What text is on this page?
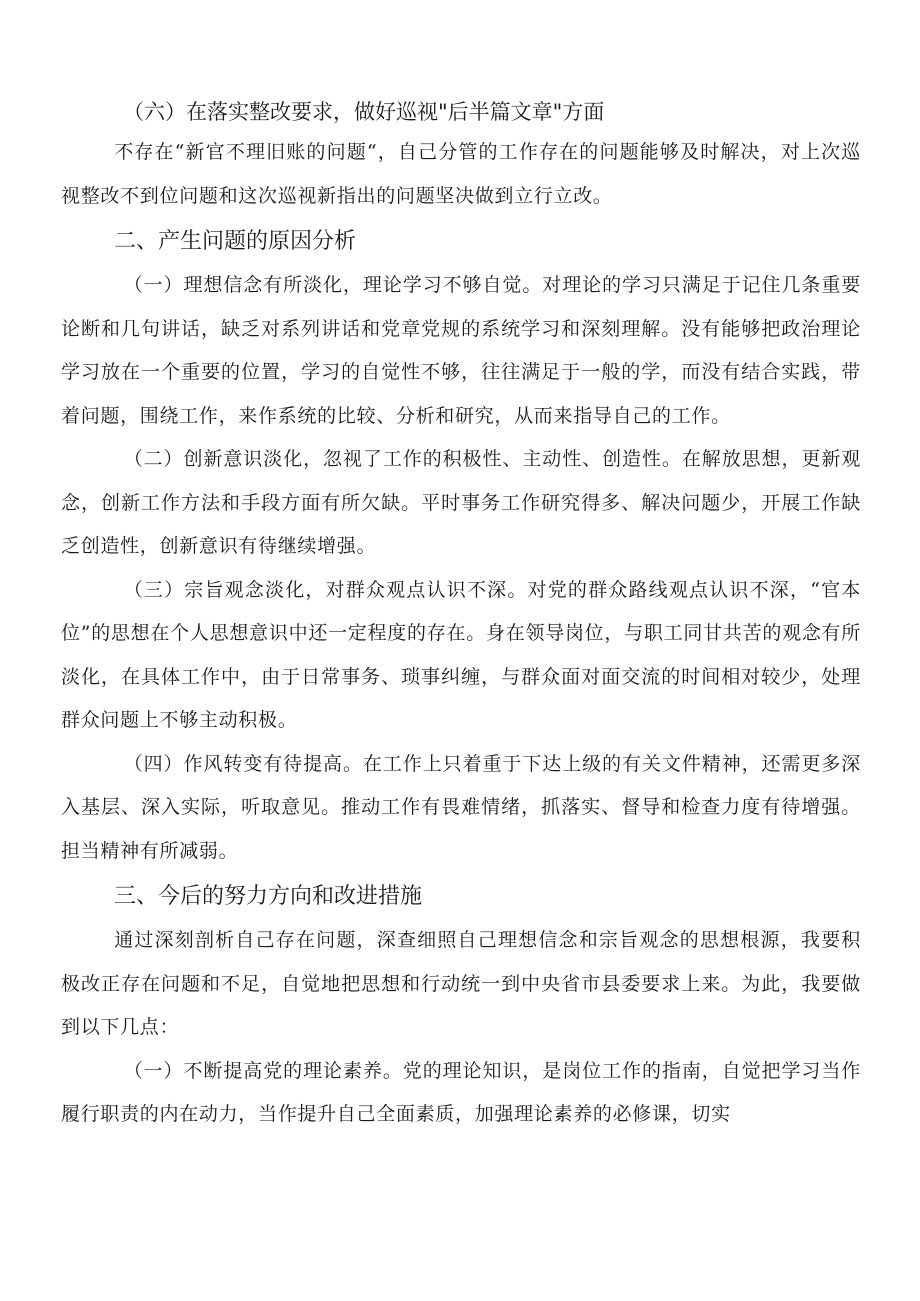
（六）在落实整改要求，做好巡视"后半篇文章"方面

不存在“新官不理旧账的问题“，自己分管的工作存在的问题能够及时解决，对上次巡视整改不到位问题和这次巡视新指出的问题坚决做到立行立改。

二、产生问题的原因分析

（一）理想信念有所淡化，理论学习不够自觉。对理论的学习只满足于记住几条重要论断和几句讲话，缺乏对系列讲话和党章党规的系统学习和深刻理解。没有能够把政治理论学习放在一个重要的位置，学习的自觉性不够，往往满足于一般的学，而没有结合实践，带着问题，围绕工作，来作系统的比较、分析和研究，从而来指导自己的工作。

（二）创新意识淡化，忽视了工作的积极性、主动性、创造性。在解放思想，更新观念，创新工作方法和手段方面有所欠缺。平时事务工作研究得多、解决问题少，开展工作缺乏创造性，创新意识有待继续增强。

（三）宗旨观念淡化，对群众观点认识不深。对党的群众路线观点认识不深，“官本位”的思想在个人思想意识中还一定程度的存在。身在领导岗位，与职工同甘共苦的观念有所淡化，在具体工作中，由于日常事务、琐事纠缠，与群众面对面交流的时间相对较少，处理群众问题上不够主动积极。

（四）作风转变有待提高。在工作上只着重于下达上级的有关文件精神，还需更多深入基层、深入实际，听取意见。推动工作有畏难情绪，抓落实、督导和检查力度有待增强。担当精神有所减弱。

三、今后的努力方向和改进措施

通过深刻剖析自己存在问题，深查细照自己理想信念和宗旨观念的思想根源，我要积极改正存在问题和不足，自觉地把思想和行动统一到中央省市县委要求上来。为此，我要做到以下几点：

（一）不断提高党的理论素养。党的理论知识，是岗位工作的指南，自觉把学习当作履行职责的内在动力，当作提升自己全面素质，加强理论素养的必修课，切实
